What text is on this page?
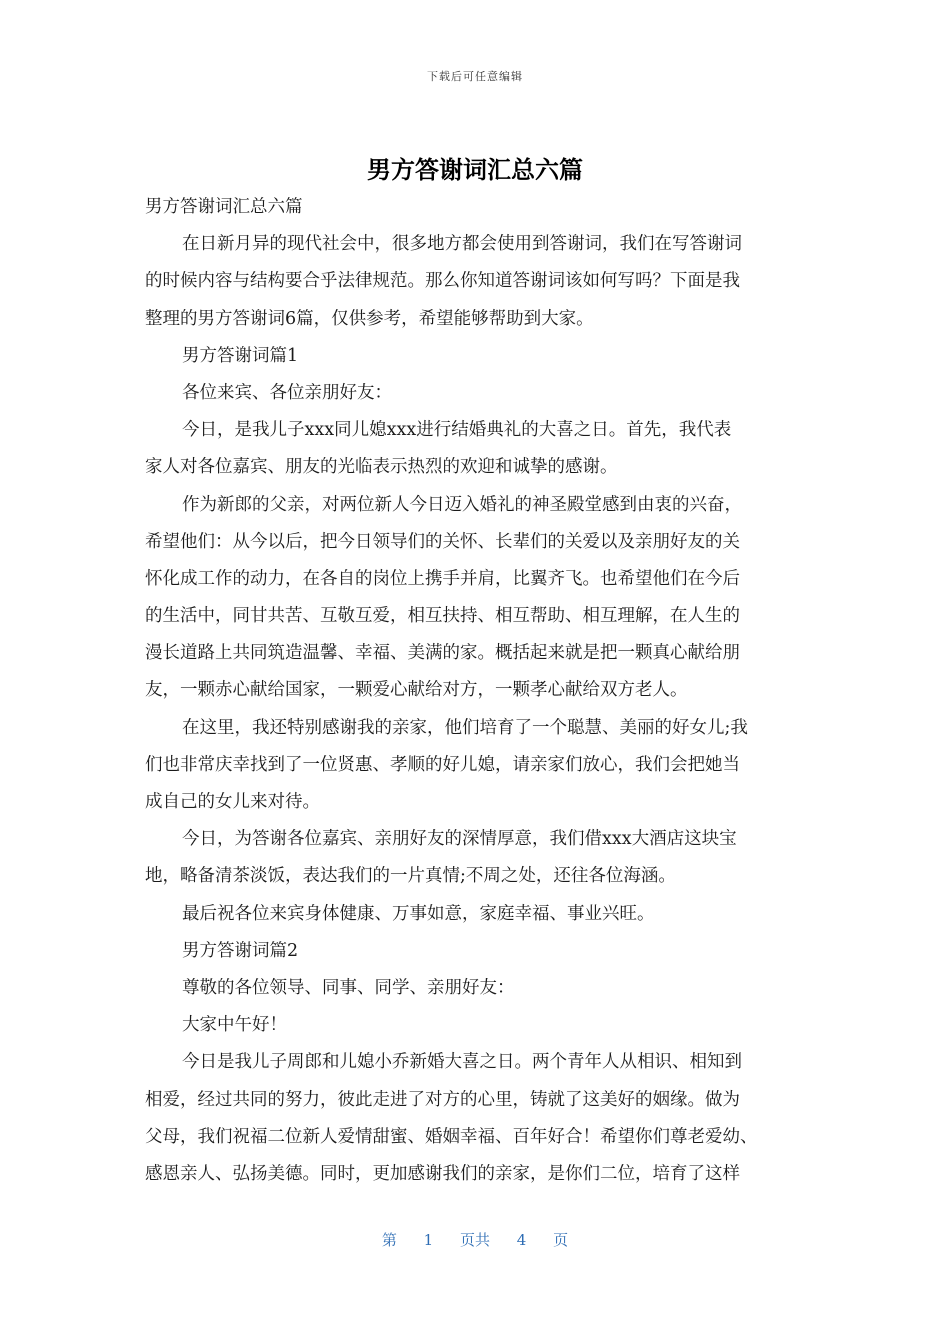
下载后可任意编辑
男方答谢词汇总六篇
男方答谢词汇总六篇
在日新月异的现代社会中，很多地方都会使用到答谢词，我们在写答谢词
的时候内容与结构要合乎法律规范。那么你知道答谢词该如何写吗？下面是我
整理的男方答谢词6篇，仅供参考，希望能够帮助到大家。
男方答谢词篇1
各位来宾、各位亲朋好友：
今日，是我儿子xxx同儿媳xxx进行结婚典礼的大喜之日。首先，我代表
家人对各位嘉宾、朋友的光临表示热烈的欢迎和诚挚的感谢。
作为新郎的父亲，对两位新人今日迈入婚礼的神圣殿堂感到由衷的兴奋，
希望他们：从今以后，把今日领导们的关怀、长辈们的关爱以及亲朋好友的关
怀化成工作的动力，在各自的岗位上携手并肩，比翼齐飞。也希望他们在今后
的生活中，同甘共苦、互敬互爱，相互扶持、相互帮助、相互理解，在人生的
漫长道路上共同筑造温馨、幸福、美满的家。概括起来就是把一颗真心献给朋
友，一颗赤心献给国家，一颗爱心献给对方，一颗孝心献给双方老人。
在这里，我还特别感谢我的亲家，他们培育了一个聪慧、美丽的好女儿;我
们也非常庆幸找到了一位贤惠、孝顺的好儿媳，请亲家们放心，我们会把她当
成自己的女儿来对待。
今日，为答谢各位嘉宾、亲朋好友的深情厚意，我们借xxx大酒店这块宝
地，略备清茶淡饭，表达我们的一片真情;不周之处，还往各位海涵。
最后祝各位来宾身体健康、万事如意，家庭幸福、事业兴旺。
男方答谢词篇2
尊敬的各位领导、同事、同学、亲朋好友：
大家中午好！
今日是我儿子周郎和儿媳小乔新婚大喜之日。两个青年人从相识、相知到
相爱，经过共同的努力，彼此走进了对方的心里，铸就了这美好的姻缘。做为
父母，我们祝福二位新人爱情甜蜜、婚姻幸福、百年好合！希望你们尊老爱幼、
感恩亲人、弘扬美德。同时，更加感谢我们的亲家，是你们二位，培育了这样
第 1 页共 4 页
